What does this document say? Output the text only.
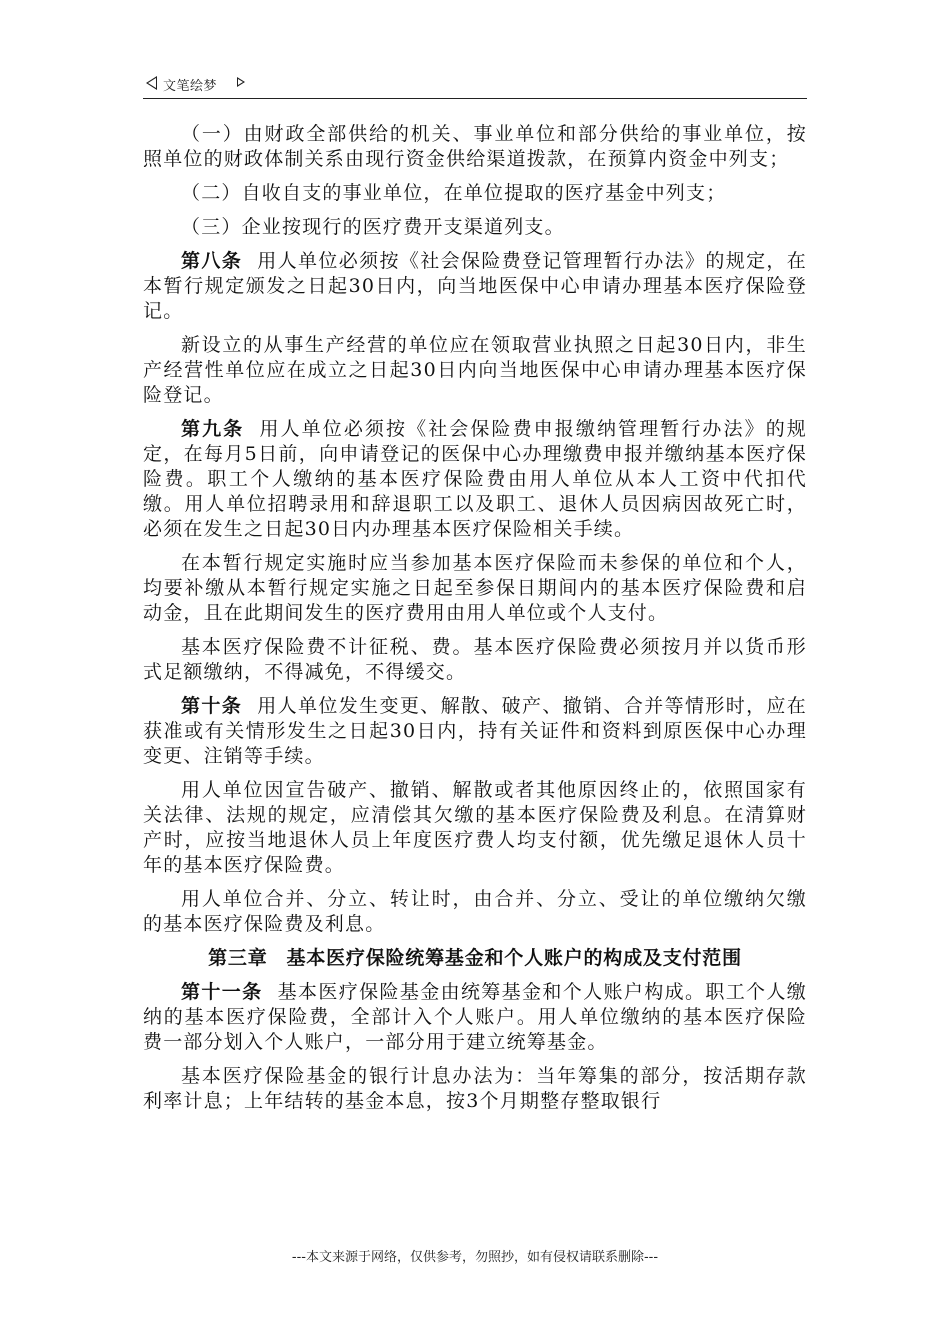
文笔绘梦

（一）由财政全部供给的机关、事业单位和部分供给的事业单位，按照单位的财政体制关系由现行资金供给渠道拨款，在预算内资金中列支；

（二）自收自支的事业单位，在单位提取的医疗基金中列支；

（三）企业按现行的医疗费开支渠道列支。

第八条 用人单位必须按《社会保险费登记管理暂行办法》的规定，在本暂行规定颁发之日起30日内，向当地医保中心申请办理基本医疗保险登记。

新设立的从事生产经营的单位应在领取营业执照之日起30日内，非生产经营性单位应在成立之日起30日内向当地医保中心申请办理基本医疗保险登记。

第九条 用人单位必须按《社会保险费申报缴纳管理暂行办法》的规定，在每月5日前，向申请登记的医保中心办理缴费申报并缴纳基本医疗保险费。职工个人缴纳的基本医疗保险费由用人单位从本人工资中代扣代缴。用人单位招聘录用和辞退职工以及职工、退休人员因病因故死亡时，必须在发生之日起30日内办理基本医疗保险相关手续。

在本暂行规定实施时应当参加基本医疗保险而未参保的单位和个人，均要补缴从本暂行规定实施之日起至参保日期间内的基本医疗保险费和启动金，且在此期间发生的医疗费用由用人单位或个人支付。

基本医疗保险费不计征税、费。基本医疗保险费必须按月并以货币形式足额缴纳，不得减免，不得缓交。

第十条 用人单位发生变更、解散、破产、撤销、合并等情形时，应在获准或有关情形发生之日起30日内，持有关证件和资料到原医保中心办理变更、注销等手续。

用人单位因宣告破产、撤销、解散或者其他原因终止的，依照国家有关法律、法规的规定，应清偿其欠缴的基本医疗保险费及利息。在清算财产时，应按当地退休人员上年度医疗费人均支付额，优先缴足退休人员十年的基本医疗保险费。

用人单位合并、分立、转让时，由合并、分立、受让的单位缴纳欠缴的基本医疗保险费及利息。

第三章 基本医疗保险统筹基金和个人账户的构成及支付范围

第十一条 基本医疗保险基金由统筹基金和个人账户构成。职工个人缴纳的基本医疗保险费，全部计入个人账户。用人单位缴纳的基本医疗保险费一部分划入个人账户，一部分用于建立统筹基金。

基本医疗保险基金的银行计息办法为：当年筹集的部分，按活期存款利率计息；上年结转的基金本息，按3个月期整存整取银行

---本文来源于网络，仅供参考，勿照抄，如有侵权请联系删除---
